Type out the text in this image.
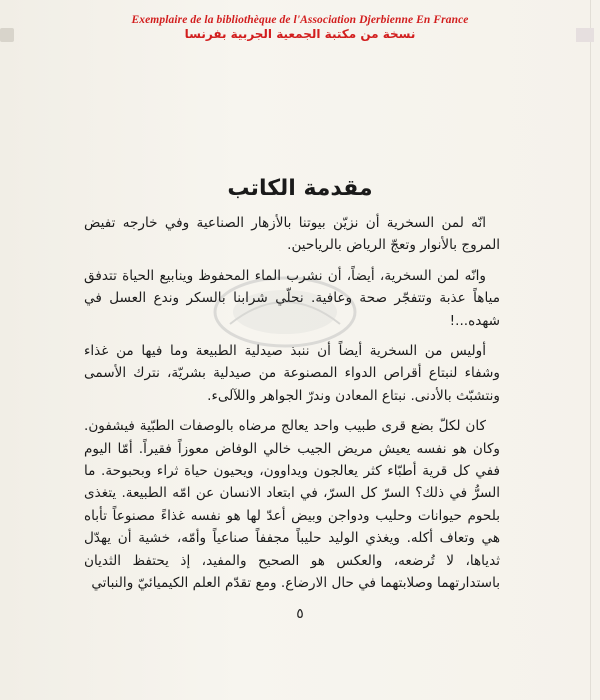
Exemplaire de la bibliothèque de l'Association Djerbienne En France
نسخة من مكتبة الجمعية الجربية بفرنسا
مقدمة الكاتب

انّه لمن السخرية أن نزيّن بيوتنا بالأزهار الصناعية وفي خارجه تفيض المروج بالأنوار وتعجّ الرياض بالرياحين.

وانّه لمن السخرية، أيضاً، أن نشرب الماء المحفوظ وينابيع الحياة تتدفق مياهاً عذبة وتتفجّر صحة وعافية. نحلّي شرابنا بالسكر وندع العسل في شهده...!

أوليس من السخرية أيضاً أن ننبذ صيدلية الطبيعة وما فيها من غذاء وشفاء لنبتاع أقراص الدواء المصنوعة من صيدلية بشريّة، نترك الأسمى ونتشبّث بالأدنى. نبتاع المعادن وندرّ الجواهر واللآلىء.

كان لكلّ بضع قرى طبيب واحد يعالج مرضاه بالوصفات الطبّية فيشفون. وكان هو نفسه يعيش مريض الجيب خالي الوفاض معوزاً فقيراً. أمّا اليوم ففي كل قرية أطبّاء كثر يعالجون ويداوون، ويحيون حياة ثراء وبحبوحة. ما السرُّ في ذلك؟ السرّ كل السرّ، في ابتعاد الانسان عن امّه الطبيعة. يتغذى بلحوم حيوانات وحليب ودواجن وبيض أعدّ لها هو نفسه غذاءً مصنوعاً تأباه هي وتعاف أكله. ويغذي الوليد حليباً مجففاً صناعياً وأمّه، خشية أن يهدّل ثدياها، لا تُرضعه، والعكس هو الصحيح والمفيد، إذ يحتفظ الثديان باستدارتهما وصلابتهما في حال الارضاع. ومع تقدّم العلم الكيميائيّ والنباتي

٥
